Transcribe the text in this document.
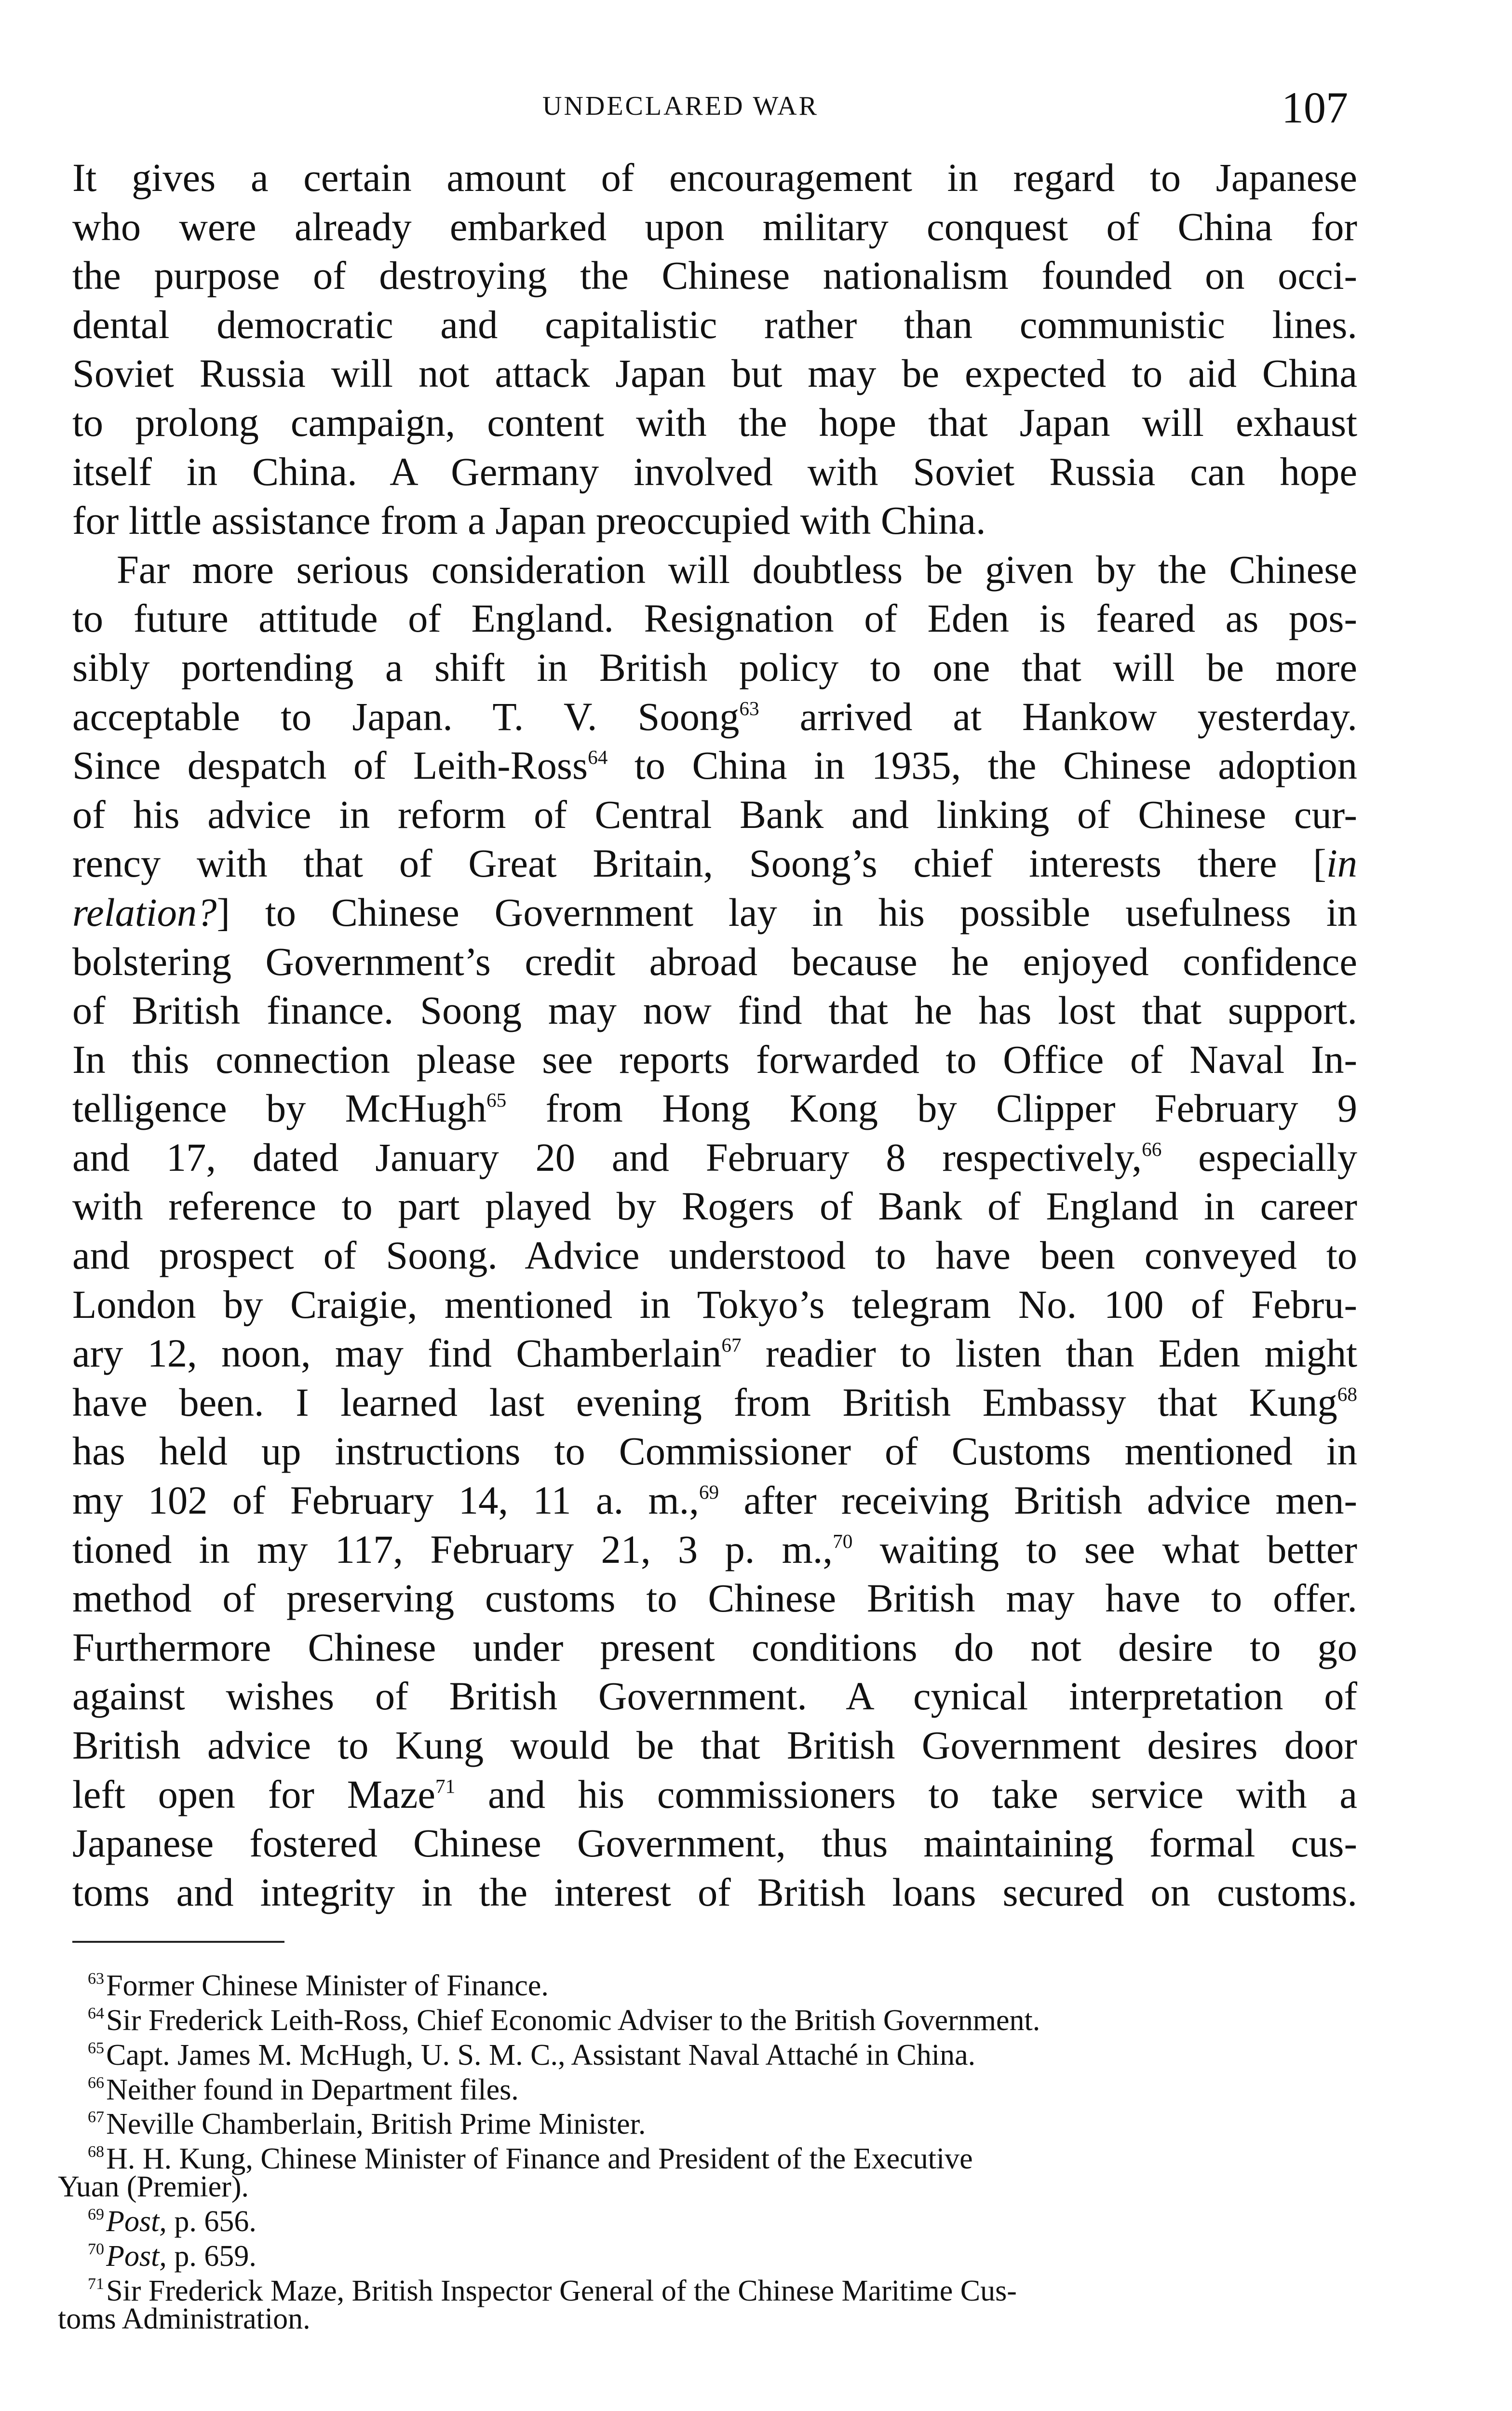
UNDECLARED WAR	107

It gives a certain amount of encouragement in regard to Japanese

who were already embarked upon military conquest of China for

the purpose of destroying the Chinese nationalism founded on occi-

dental democratic and capitalistic rather than communistic lines.

Soviet Russia will not attack Japan but may be expected to aid China

to prolong campaign, content with the hope that Japan will exhaust

itself in China. A Germany involved with Soviet Russia can hope

for little assistance from a Japan preoccupied with China.

Far more serious consideration will doubtless be given by the Chinese

to future attitude of England. Resignation of Eden is feared as pos-

sibly portending a shift in British policy to one that will be more

acceptable to Japan. T. V. Soong$^{63}$ arrived at Hankow yesterday.

Since despatch of Leith-Ross$^{64}$ to China in 1935, the Chinese adoption

of his advice in reform of Central Bank and linking of Chinese cur-

rency with that of Great Britain, Soong’s chief interests there [in

relation?] to Chinese Government lay in his possible usefulness in

bolstering Government’s credit abroad because he enjoyed confidence

of British finance. Soong may now find that he has lost that support.

In this connection please see reports forwarded to Office of Naval In-

telligence by McHugh$^{65}$ from Hong Kong by Clipper February 9

and 17, dated January 20 and February 8 respectively,$^{66}$ especially

with reference to part played by Rogers of Bank of England in career

and prospect of Soong. Advice understood to have been conveyed to

London by Craigie, mentioned in Tokyo’s telegram No. 100 of Febru-

ary 12, noon, may find Chamberlain$^{67}$ readier to listen than Eden might

have been. I learned last evening from British Embassy that Kung$^{68}$

has held up instructions to Commissioner of Customs mentioned in

my 102 of February 14, 11 a. m.,$^{69}$ after receiving British advice men-

tioned in my 117, February 21, 3 p. m.,$^{70}$ waiting to see what better

method of preserving customs to Chinese British may have to offer.

Furthermore Chinese under present conditions do not desire to go

against wishes of British Government. A cynical interpretation of

British advice to Kung would be that British Government desires door

left open for Maze$^{71}$ and his commissioners to take service with a

Japanese fostered Chinese Government, thus maintaining formal cus-

toms and integrity in the interest of British loans secured on customs.

$^{63}$Former Chinese Minister of Finance.

$^{64}$Sir Frederick Leith-Ross, Chief Economic Adviser to the British Government.

$^{65}$Capt. James M. McHugh, U. S. M. C., Assistant Naval Attaché in China.

$^{66}$Neither found in Department files.

$^{67}$Neville Chamberlain, British Prime Minister.

$^{68}$H. H. Kung, Chinese Minister of Finance and President of the Executive

Yuan (Premier).

$^{69}$Post, p. 656.

$^{70}$Post, p. 659.

$^{71}$Sir Frederick Maze, British Inspector General of the Chinese Maritime Cus-

toms Administration.
